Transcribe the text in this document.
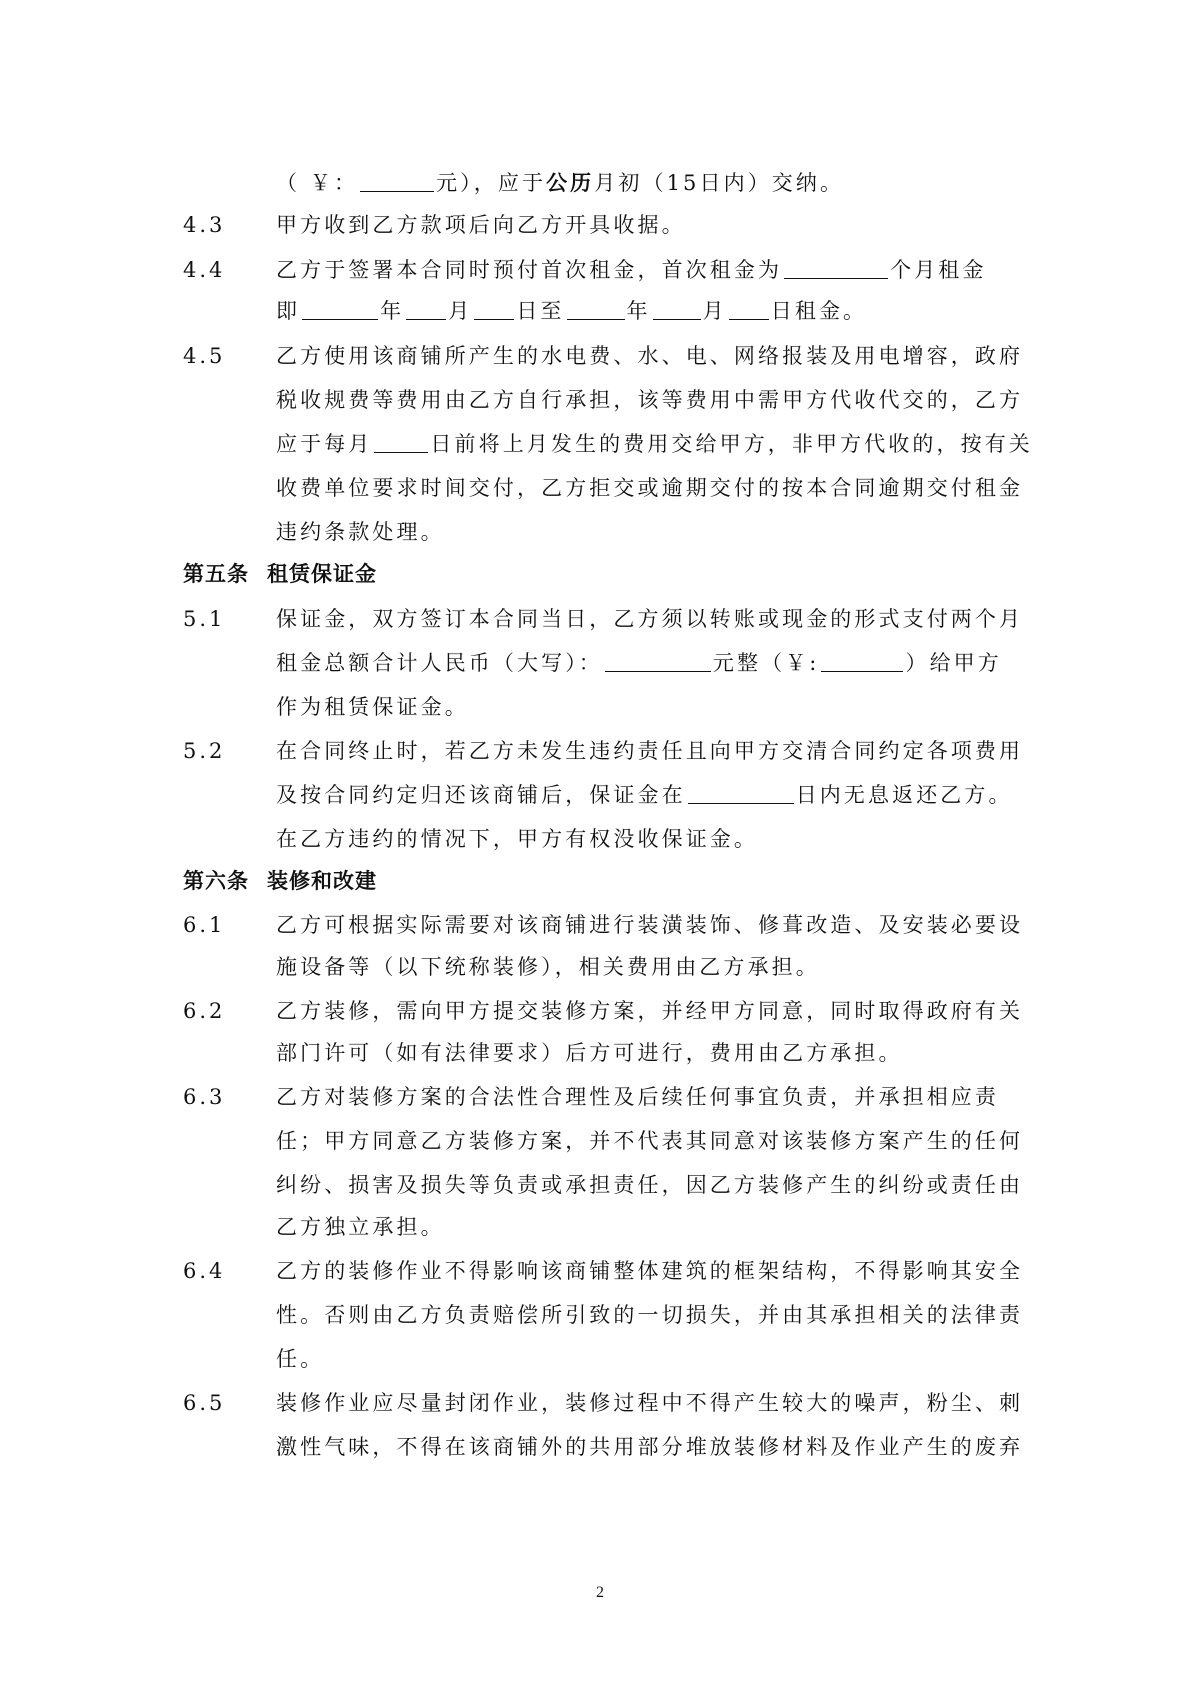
（ ￥：	元），应于公历月初（15日内）交纳。
4.3 甲方收到乙方款项后向乙方开具收据。
4.4 乙方于签署本合同时预付首次租金，首次租金为	个月租金
即	年 月 日至	年 月 日租金。
4.5 乙方使用该商铺所产生的水电费、水、电、网络报装及用电增容，政府
税收规费等费用由乙方自行承担，该等费用中需甲方代收代交的，乙方
应于每月	日前将上月发生的费用交给甲方，非甲方代收的，按有关
收费单位要求时间交付，乙方拒交或逾期交付的按本合同逾期交付租金
违约条款处理。
第五条 租赁保证金
5.1 保证金，双方签订本合同当日，乙方须以转账或现金的形式支付两个月
租金总额合计人民币（大写）：	元整（￥:	）给甲方
作为租赁保证金。
5.2 在合同终止时，若乙方未发生违约责任且向甲方交清合同约定各项费用
及按合同约定归还该商铺后，保证金在	日内无息返还乙方。
在乙方违约的情况下，甲方有权没收保证金。
第六条 装修和改建
6.1 乙方可根据实际需要对该商铺进行装潢装饰、修葺改造、及安装必要设
施设备等（以下统称装修），相关费用由乙方承担。
6.2 乙方装修，需向甲方提交装修方案，并经甲方同意，同时取得政府有关
部门许可（如有法律要求）后方可进行，费用由乙方承担。
6.3 乙方对装修方案的合法性合理性及后续任何事宜负责，并承担相应责
任；甲方同意乙方装修方案，并不代表其同意对该装修方案产生的任何
纠纷、损害及损失等负责或承担责任，因乙方装修产生的纠纷或责任由
乙方独立承担。
6.4 乙方的装修作业不得影响该商铺整体建筑的框架结构，不得影响其安全
性。否则由乙方负责赔偿所引致的一切损失，并由其承担相关的法律责
任。
6.5 装修作业应尽量封闭作业，装修过程中不得产生较大的噪声，粉尘、刺
激性气味，不得在该商铺外的共用部分堆放装修材料及作业产生的废弃
2
